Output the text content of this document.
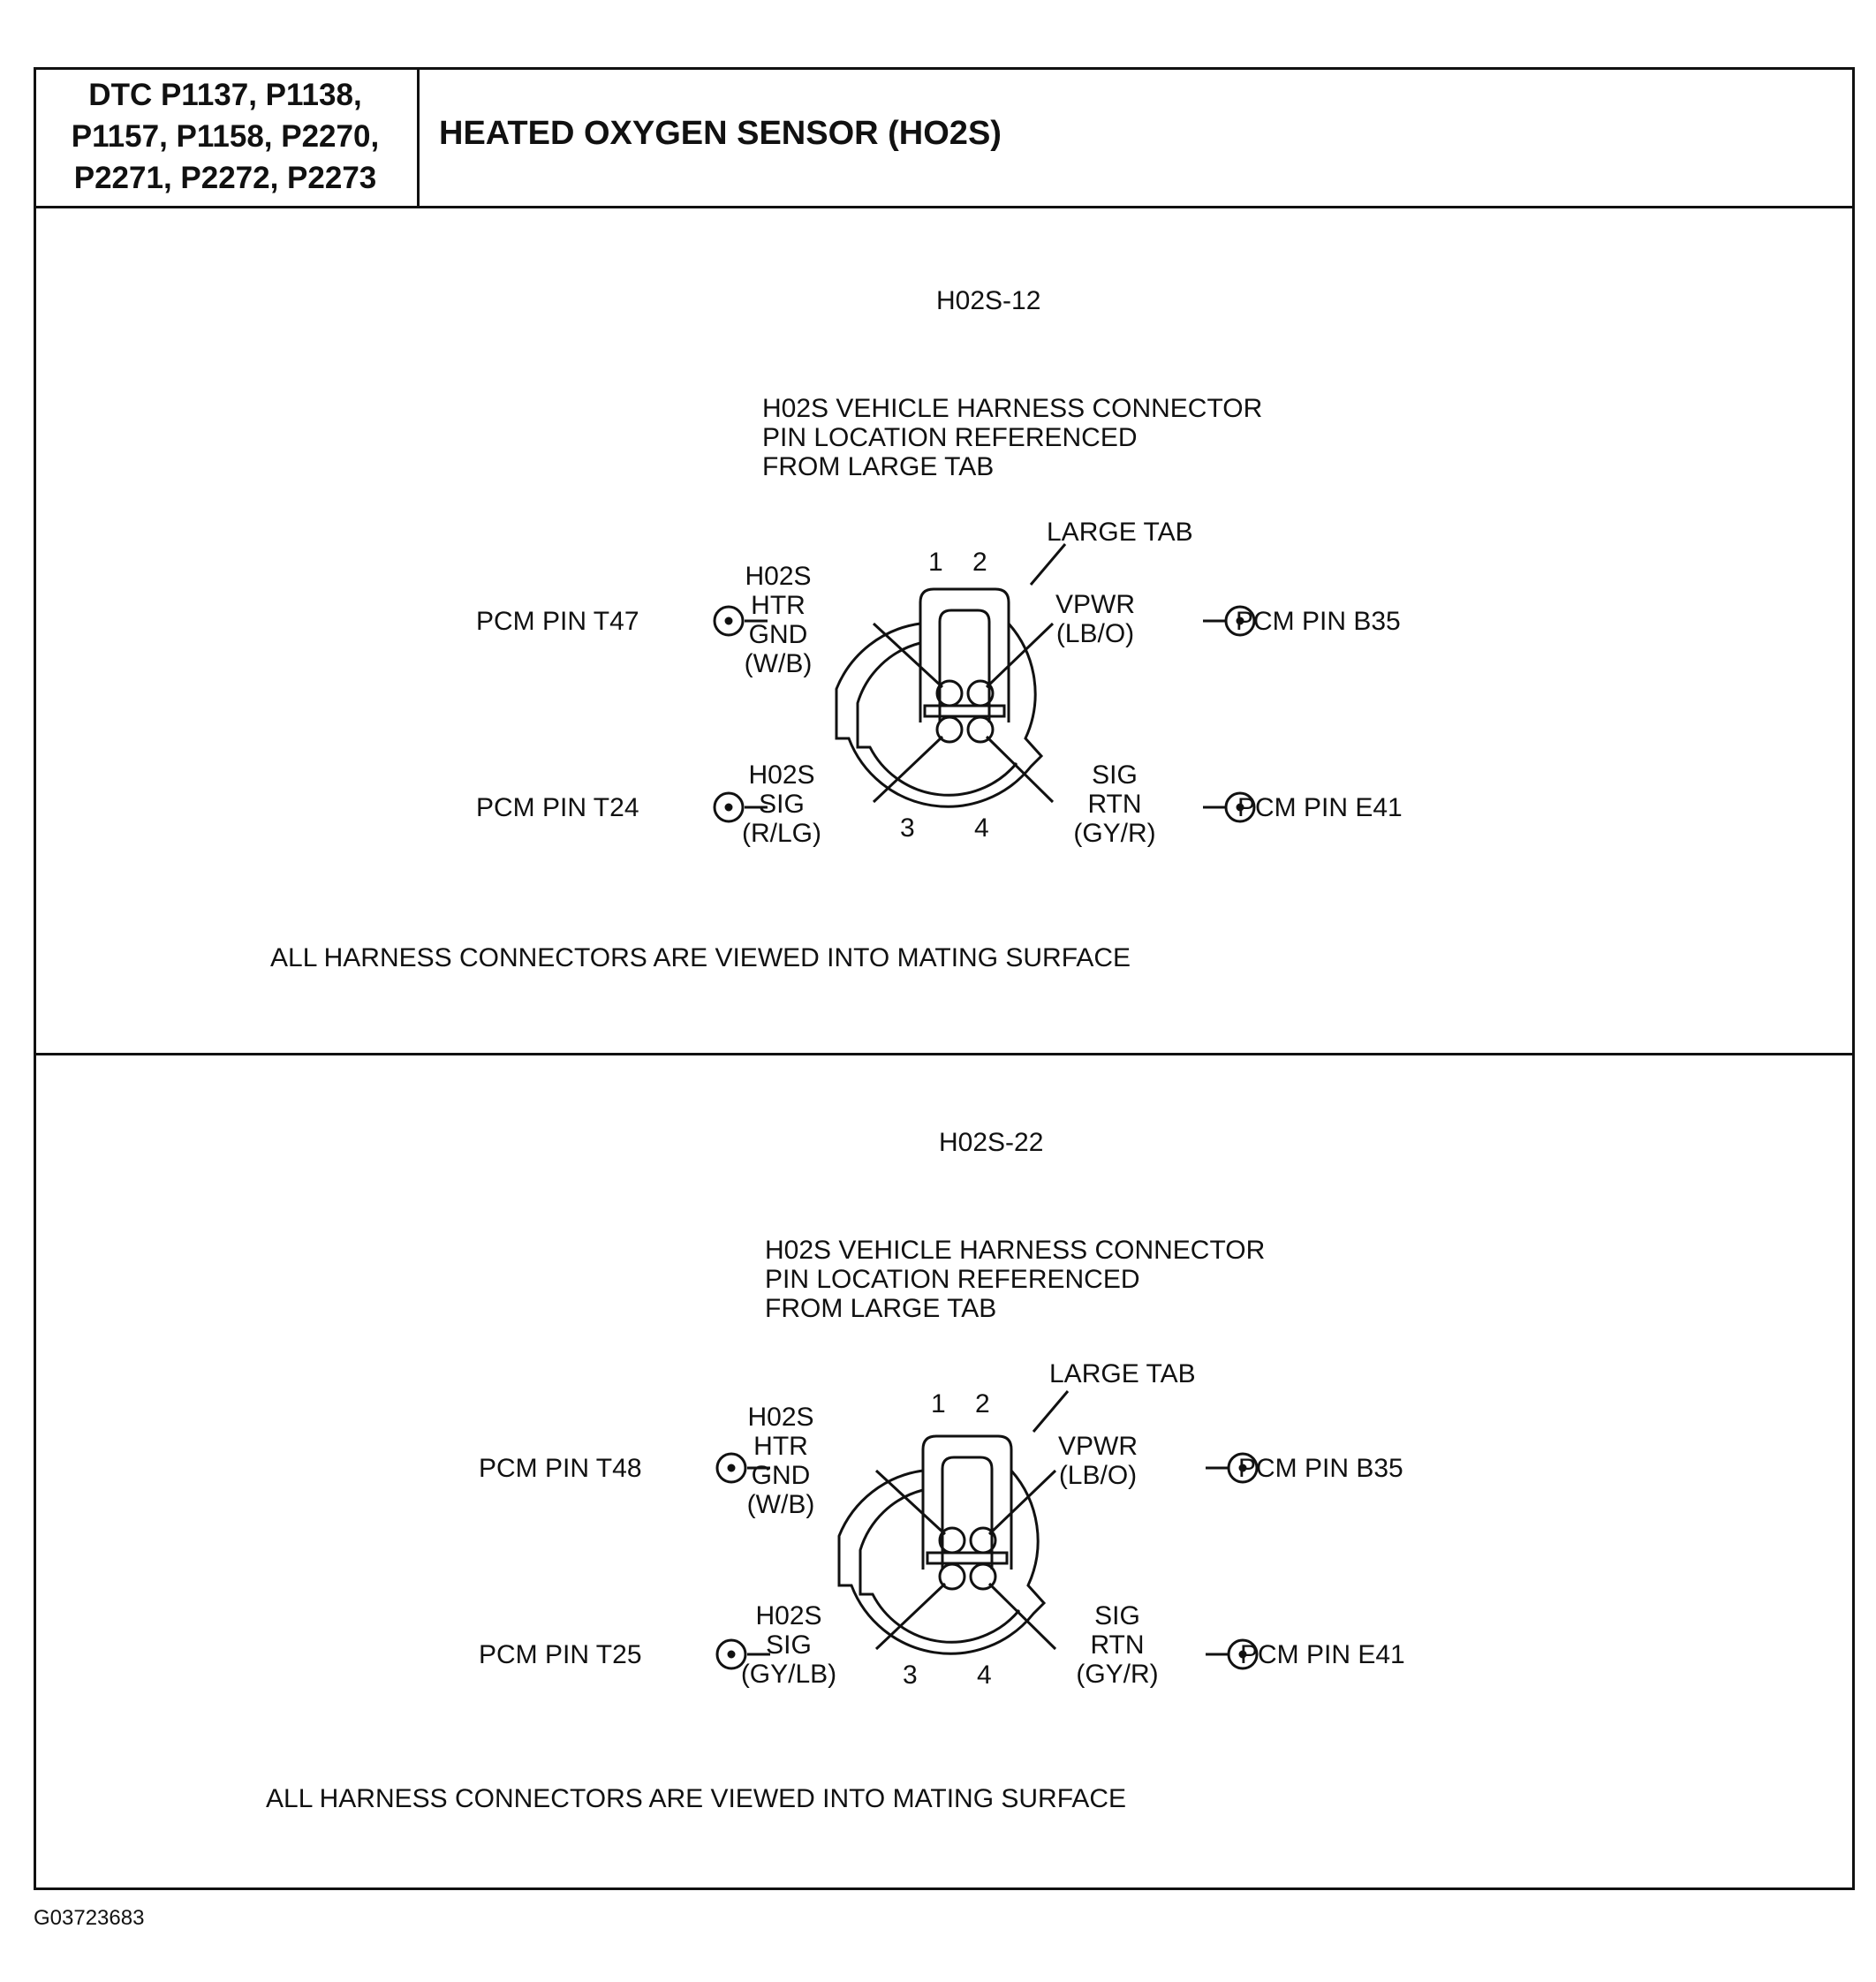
DTC P1137, P1138,
P1157, P1158, P2270,
P2271, P2272, P2273
HEATED OXYGEN SENSOR (HO2S)
H02S-12
H02S VEHICLE HARNESS CONNECTOR
PIN LOCATION REFERENCED
FROM LARGE TAB
LARGE TAB
1 2
3 4
PCM PIN T47
H02S
HTR
GND
(W/B)
PCM PIN B35
VPWR
(LB/O)
PCM PIN T24
H02S
SIG
(R/LG)
PCM PIN E41
SIG
RTN
(GY/R)
ALL HARNESS CONNECTORS ARE VIEWED INTO MATING SURFACE
H02S-22
H02S VEHICLE HARNESS CONNECTOR
PIN LOCATION REFERENCED
FROM LARGE TAB
LARGE TAB
1 2
3 4
PCM PIN T48
H02S
HTR
GND
(W/B)
PCM PIN B35
VPWR
(LB/O)
PCM PIN T25
H02S
SIG
(GY/LB)
PCM PIN E41
SIG
RTN
(GY/R)
ALL HARNESS CONNECTORS ARE VIEWED INTO MATING SURFACE
G03723683
